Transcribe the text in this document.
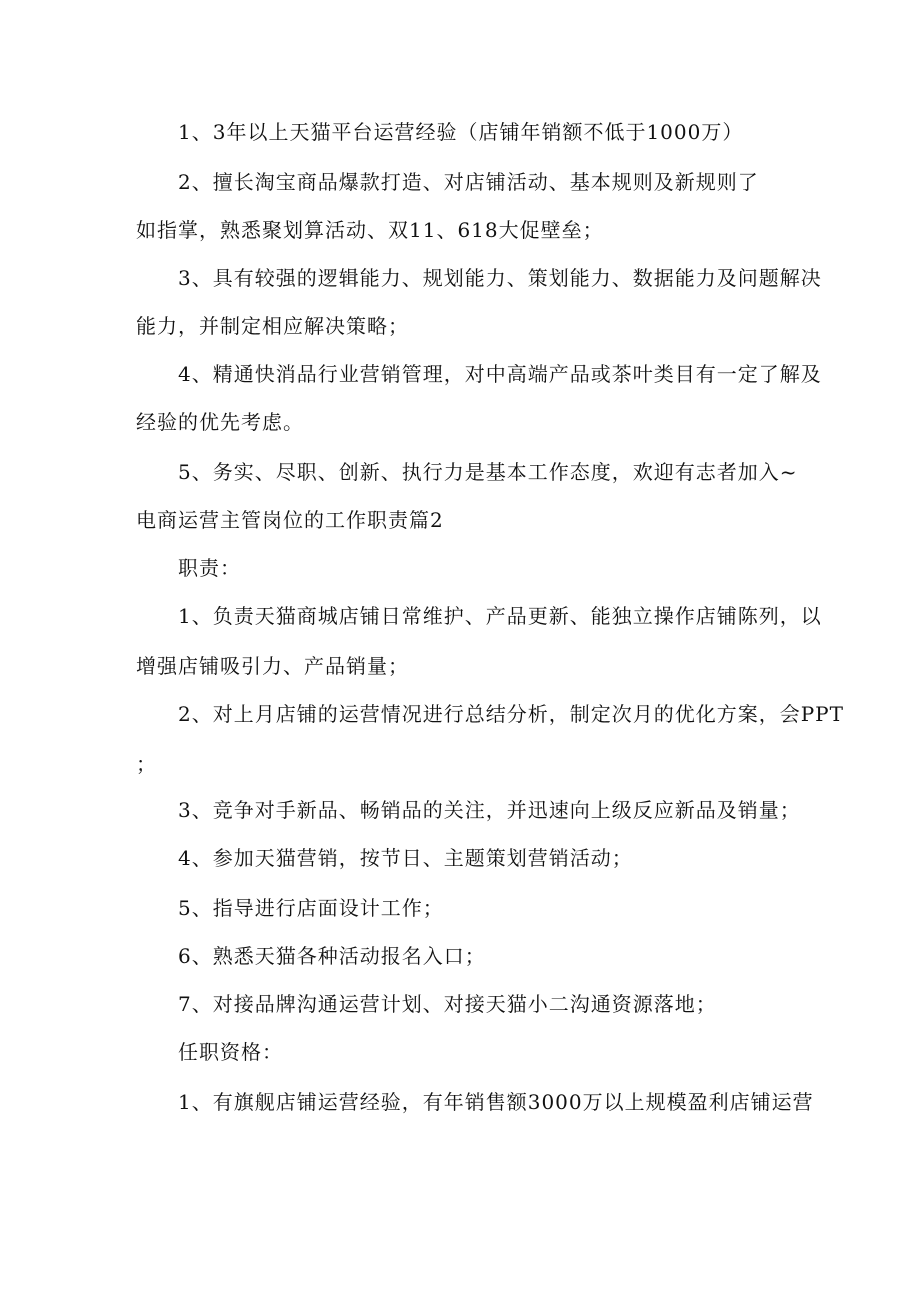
1、3年以上天猫平台运营经验（店铺年销额不低于1000万）
2、擅长淘宝商品爆款打造、对店铺活动、基本规则及新规则了
如指掌，熟悉聚划算活动、双11、618大促壁垒；
3、具有较强的逻辑能力、规划能力、策划能力、数据能力及问题解决
能力，并制定相应解决策略；
4、精通快消品行业营销管理，对中高端产品或茶叶类目有一定了解及
经验的优先考虑。
5、务实、尽职、创新、执行力是基本工作态度，欢迎有志者加入~
电商运营主管岗位的工作职责篇2
职责：
1、负责天猫商城店铺日常维护、产品更新、能独立操作店铺陈列，以
增强店铺吸引力、产品销量；
2、对上月店铺的运营情况进行总结分析，制定次月的优化方案，会PPT
；
3、竞争对手新品、畅销品的关注，并迅速向上级反应新品及销量；
4、参加天猫营销，按节日、主题策划营销活动；
5、指导进行店面设计工作；
6、熟悉天猫各种活动报名入口；
7、对接品牌沟通运营计划、对接天猫小二沟通资源落地；
任职资格：
1、有旗舰店铺运营经验，有年销售额3000万以上规模盈利店铺运营
